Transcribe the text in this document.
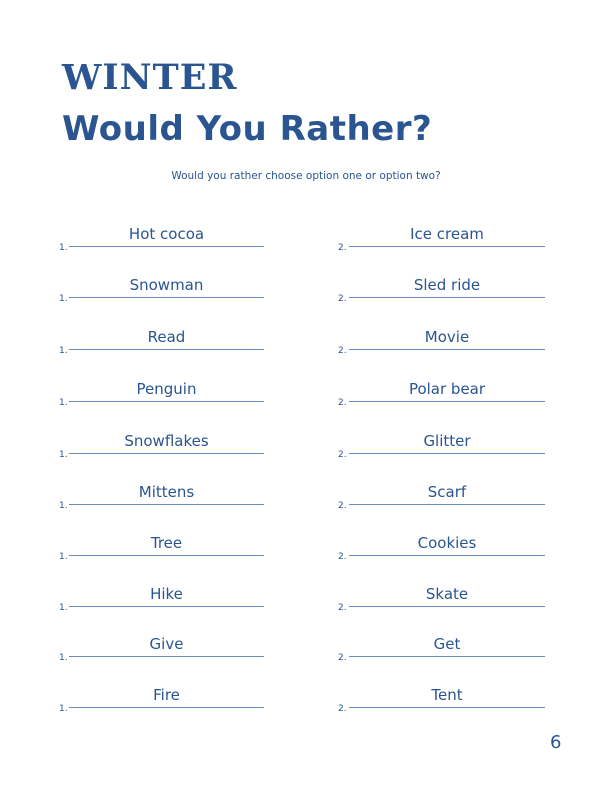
WINTER
Would You Rather?
Would you rather choose option one or option two?
1.
Hot cocoa
2.
Ice cream
1.
Snowman
2.
Sled ride
1.
Read
2.
Movie
1.
Penguin
2.
Polar bear
1.
Snowflakes
2.
Glitter
1.
Mittens
2.
Scarf
1.
Tree
2.
Cookies
1.
Hike
2.
Skate
1.
Give
2.
Get
1.
Fire
2.
Tent
6
